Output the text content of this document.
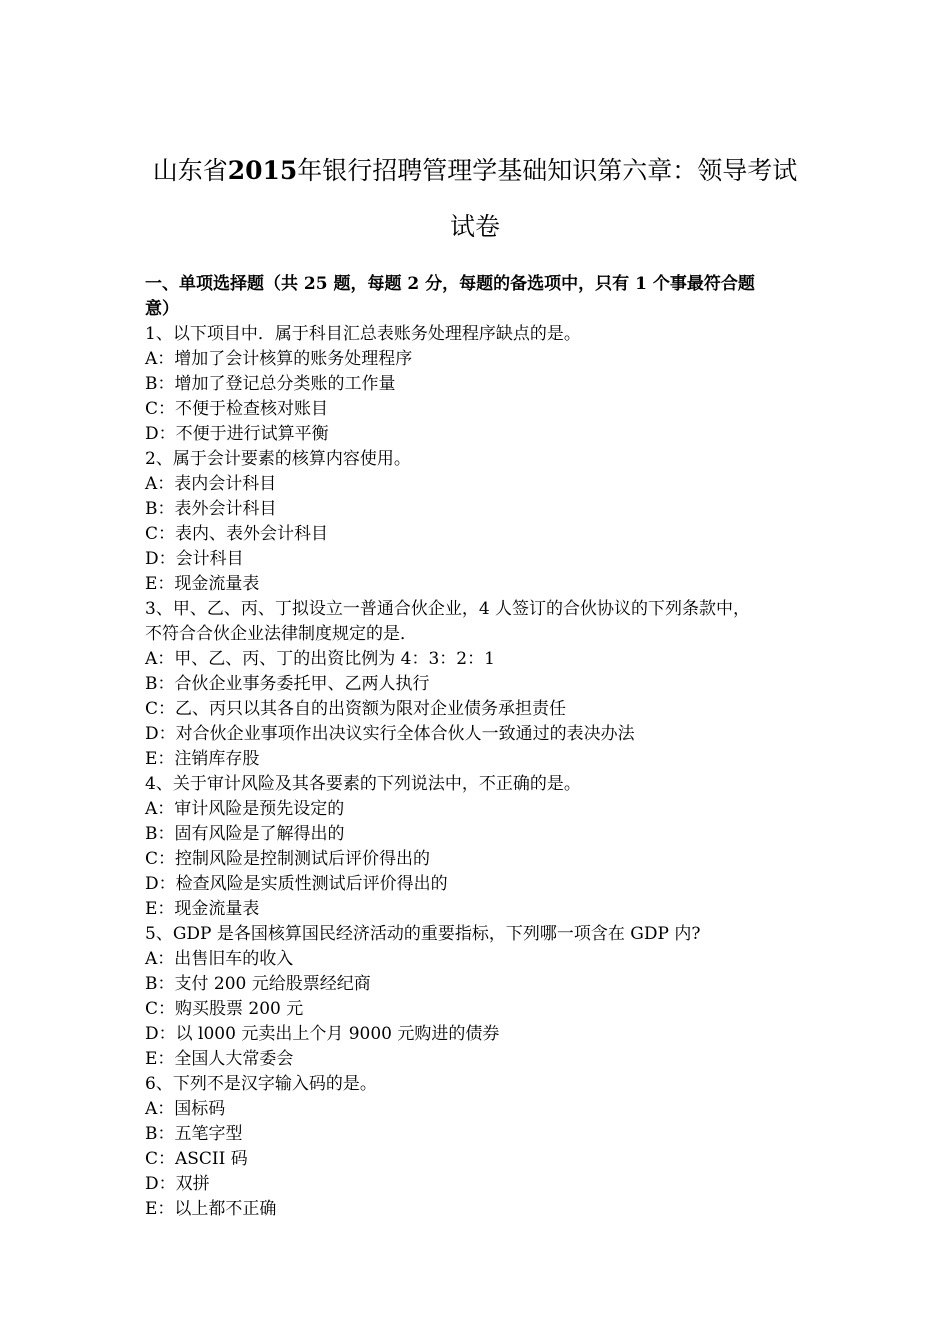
山东省2015年银行招聘管理学基础知识第六章：领导考试
试卷

一、单项选择题（共 25 题，每题 2 分，每题的备选项中，只有 1 个事最符合题
意）

1、以下项目中．属于科目汇总表账务处理程序缺点的是。

A：增加了会计核算的账务处理程序

B：增加了登记总分类账的工作量

C：不便于检查核对账目

D：不便于进行试算平衡

2、属于会计要素的核算内容使用。

A：表内会计科目

B：表外会计科目

C：表内、表外会计科目

D：会计科目

E：现金流量表

3、甲、乙、丙、丁拟设立一普通合伙企业，4 人签订的合伙协议的下列条款中，

不符合合伙企业法律制度规定的是．

A：甲、乙、丙、丁的出资比例为 4：3：2：1

B：合伙企业事务委托甲、乙两人执行

C：乙、丙只以其各自的出资额为限对企业债务承担责任

D：对合伙企业事项作出决议实行全体合伙人一致通过的表决办法

E：注销库存股

4、关于审计风险及其各要素的下列说法中，不正确的是。

A：审计风险是预先设定的

B：固有风险是了解得出的

C：控制风险是控制测试后评价得出的

D：检查风险是实质性测试后评价得出的

E：现金流量表

5、GDP 是各国核算国民经济活动的重要指标，下列哪一项含在 GDP 内?

A：出售旧车的收入

B：支付 200 元给股票经纪商

C：购买股票 200 元

D：以 l000 元卖出上个月 9000 元购进的债券

E：全国人大常委会

6、下列不是汉字输入码的是。

A：国标码

B：五笔字型

C：ASCII 码

D：双拼

E：以上都不正确
